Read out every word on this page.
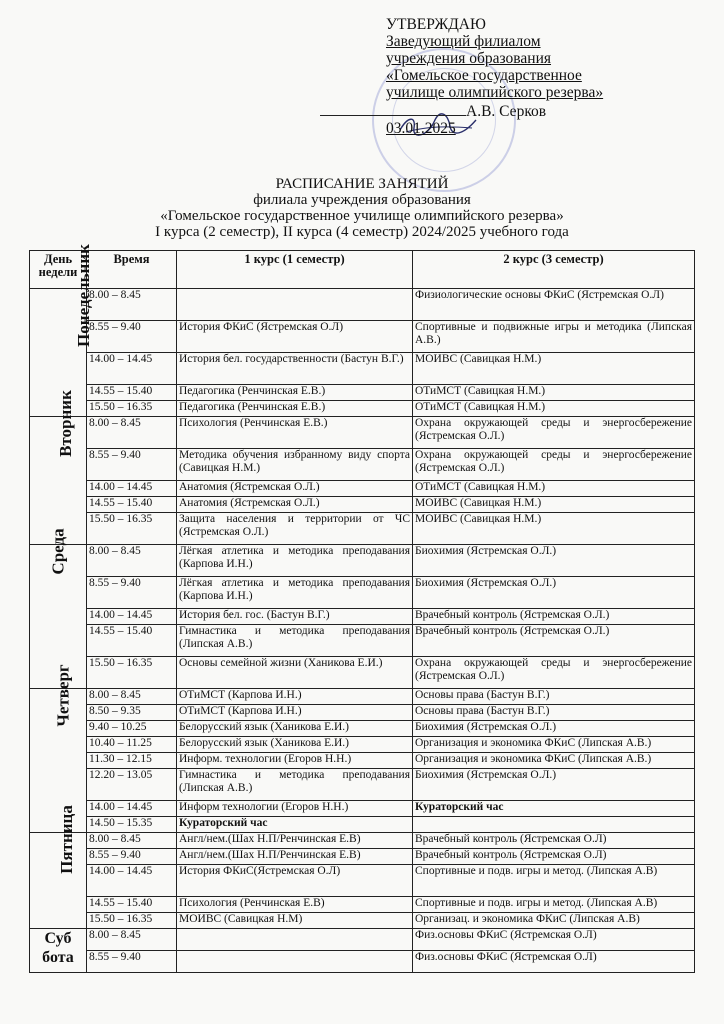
УТВЕРЖДАЮ
Заведующий филиалом
учреждения образования
«Гомельское государственное
училище олимпийского резерва»
А.В. Серков
03.01.2025
РАСПИСАНИЕ ЗАНЯТИЙ
филиала учреждения образования
«Гомельское государственное училище олимпийского резерва»
I курса (2 семестр), II курса (4 семестр) 2024/2025 учебного года
День недели	Время	1 курс (1 семестр)	2 курс (3 семестр)
Понедельник	8.00 – 8.45		Физиологические основы ФКиС (Ястремская О.Л)
	8.55 – 9.40	История ФКиС (Ястремская О.Л)	Спортивные и подвижные игры и методика (Липская А.В.)
	14.00 – 14.45	История бел. государственности (Бастун В.Г.)	МОИВС (Савицкая Н.М.)
	14.55 – 15.40	Педагогика (Ренчинская Е.В.)	ОТиМСТ (Савицкая Н.М.)
	15.50 – 16.35	Педагогика (Ренчинская Е.В.)	ОТиМСТ (Савицкая Н.М.)
Вторник	8.00 – 8.45	Психология (Ренчинская Е.В.)	Охрана окружающей среды и энергосбережение (Ястремская О.Л.)
	8.55 – 9.40	Методика обучения избранному виду спорта (Савицкая Н.М.)	Охрана окружающей среды и энергосбережение (Ястремская О.Л.)
	14.00 – 14.45	Анатомия (Ястремская О.Л.)	ОТиМСТ (Савицкая Н.М.)
	14.55 – 15.40	Анатомия (Ястремская О.Л.)	МОИВС (Савицкая Н.М.)
	15.50 – 16.35	Защита населения и территории от ЧС (Ястремская О.Л.)	МОИВС (Савицкая Н.М.)
Среда	8.00 – 8.45	Лёгкая атлетика и методика преподавания (Карпова И.Н.)	Биохимия (Ястремская О.Л.)
	8.55 – 9.40	Лёгкая атлетика и методика преподавания (Карпова И.Н.)	Биохимия (Ястремская О.Л.)
	14.00 – 14.45	История бел. гос. (Бастун В.Г.)	Врачебный контроль (Ястремская О.Л.)
	14.55 – 15.40	Гимнастика и методика преподавания (Липская А.В.)	Врачебный контроль (Ястремская О.Л.)
	15.50 – 16.35	Основы семейной жизни (Ханикова Е.И.)	Охрана окружающей среды и энергосбережение (Ястремская О.Л.)
Четверг	8.00 – 8.45	ОТиМСТ (Карпова И.Н.)	Основы права (Бастун В.Г.)
	8.50 – 9.35	ОТиМСТ (Карпова И.Н.)	Основы права (Бастун В.Г.)
	9.40 – 10.25	Белорусский язык (Ханикова Е.И.)	Биохимия (Ястремская О.Л.)
	10.40 – 11.25	Белорусский язык (Ханикова Е.И.)	Организация и экономика ФКиС (Липская А.В.)
	11.30 – 12.15	Информ. технологии (Егоров Н.Н.)	Организация и экономика ФКиС (Липская А.В.)
	12.20 – 13.05	Гимнастика и методика преподавания (Липская А.В.)	Биохимия (Ястремская О.Л.)
	14.00 – 14.45	Информ технологии (Егоров Н.Н.)	Кураторский час
	14.50 – 15.35	Кураторский час	
Пятница	8.00 – 8.45	Англ/нем.(Шах Н.П/Ренчинская Е.В)	Врачебный контроль (Ястремская О.Л)
	8.55 – 9.40	Англ/нем.(Шах Н.П/Ренчинская Е.В)	Врачебный контроль (Ястремская О.Л)
	14.00 – 14.45	История ФКиС(Ястремская О.Л)	Спортивные и подв. игры и метод. (Липская А.В)
	14.55 – 15.40	Психология (Ренчинская Е.В)	Спортивные и подв. игры и метод. (Липская А.В)
	15.50 – 16.35	МОИВС (Савицкая Н.М)	Организац. и экономика ФКиС (Липская А.В)
Суб бота	8.00 – 8.45		Физ.основы ФКиС (Ястремская О.Л)
	8.55 – 9.40		Физ.основы ФКиС (Ястремская О.Л)
